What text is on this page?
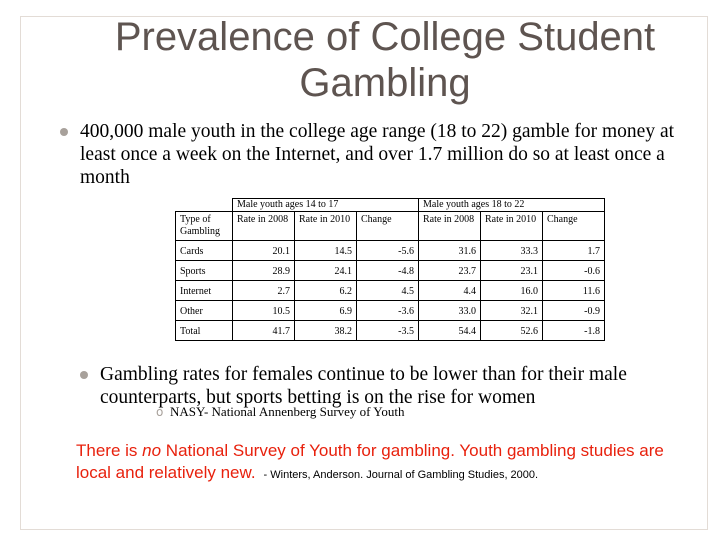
Prevalence of College Student Gambling
400,000 male youth in the college age range (18 to 22) gamble for money at least once a week on the Internet, and over 1.7 million do so at least once a month
	Male youth ages 14 to 17			Male youth ages 18 to 22		
Type of Gambling	Rate in 2008	Rate in 2010	Change	Rate in 2008	Rate in 2010	Change
Cards	20.1	14.5	-5.6	31.6	33.3	1.7
Sports	28.9	24.1	-4.8	23.7	23.1	-0.6
Internet	2.7	6.2	4.5	4.4	16.0	11.6
Other	10.5	6.9	-3.6	33.0	32.1	-0.9
Total	41.7	38.2	-3.5	54.4	52.6	-1.8
Gambling rates for females continue to be lower than for their male counterparts, but sports betting is on the rise for women
o NASY- National Annenberg Survey of Youth
There is no National Survey of Youth for gambling. Youth gambling studies are local and relatively new. - Winters, Anderson. Journal of Gambling Studies, 2000.
